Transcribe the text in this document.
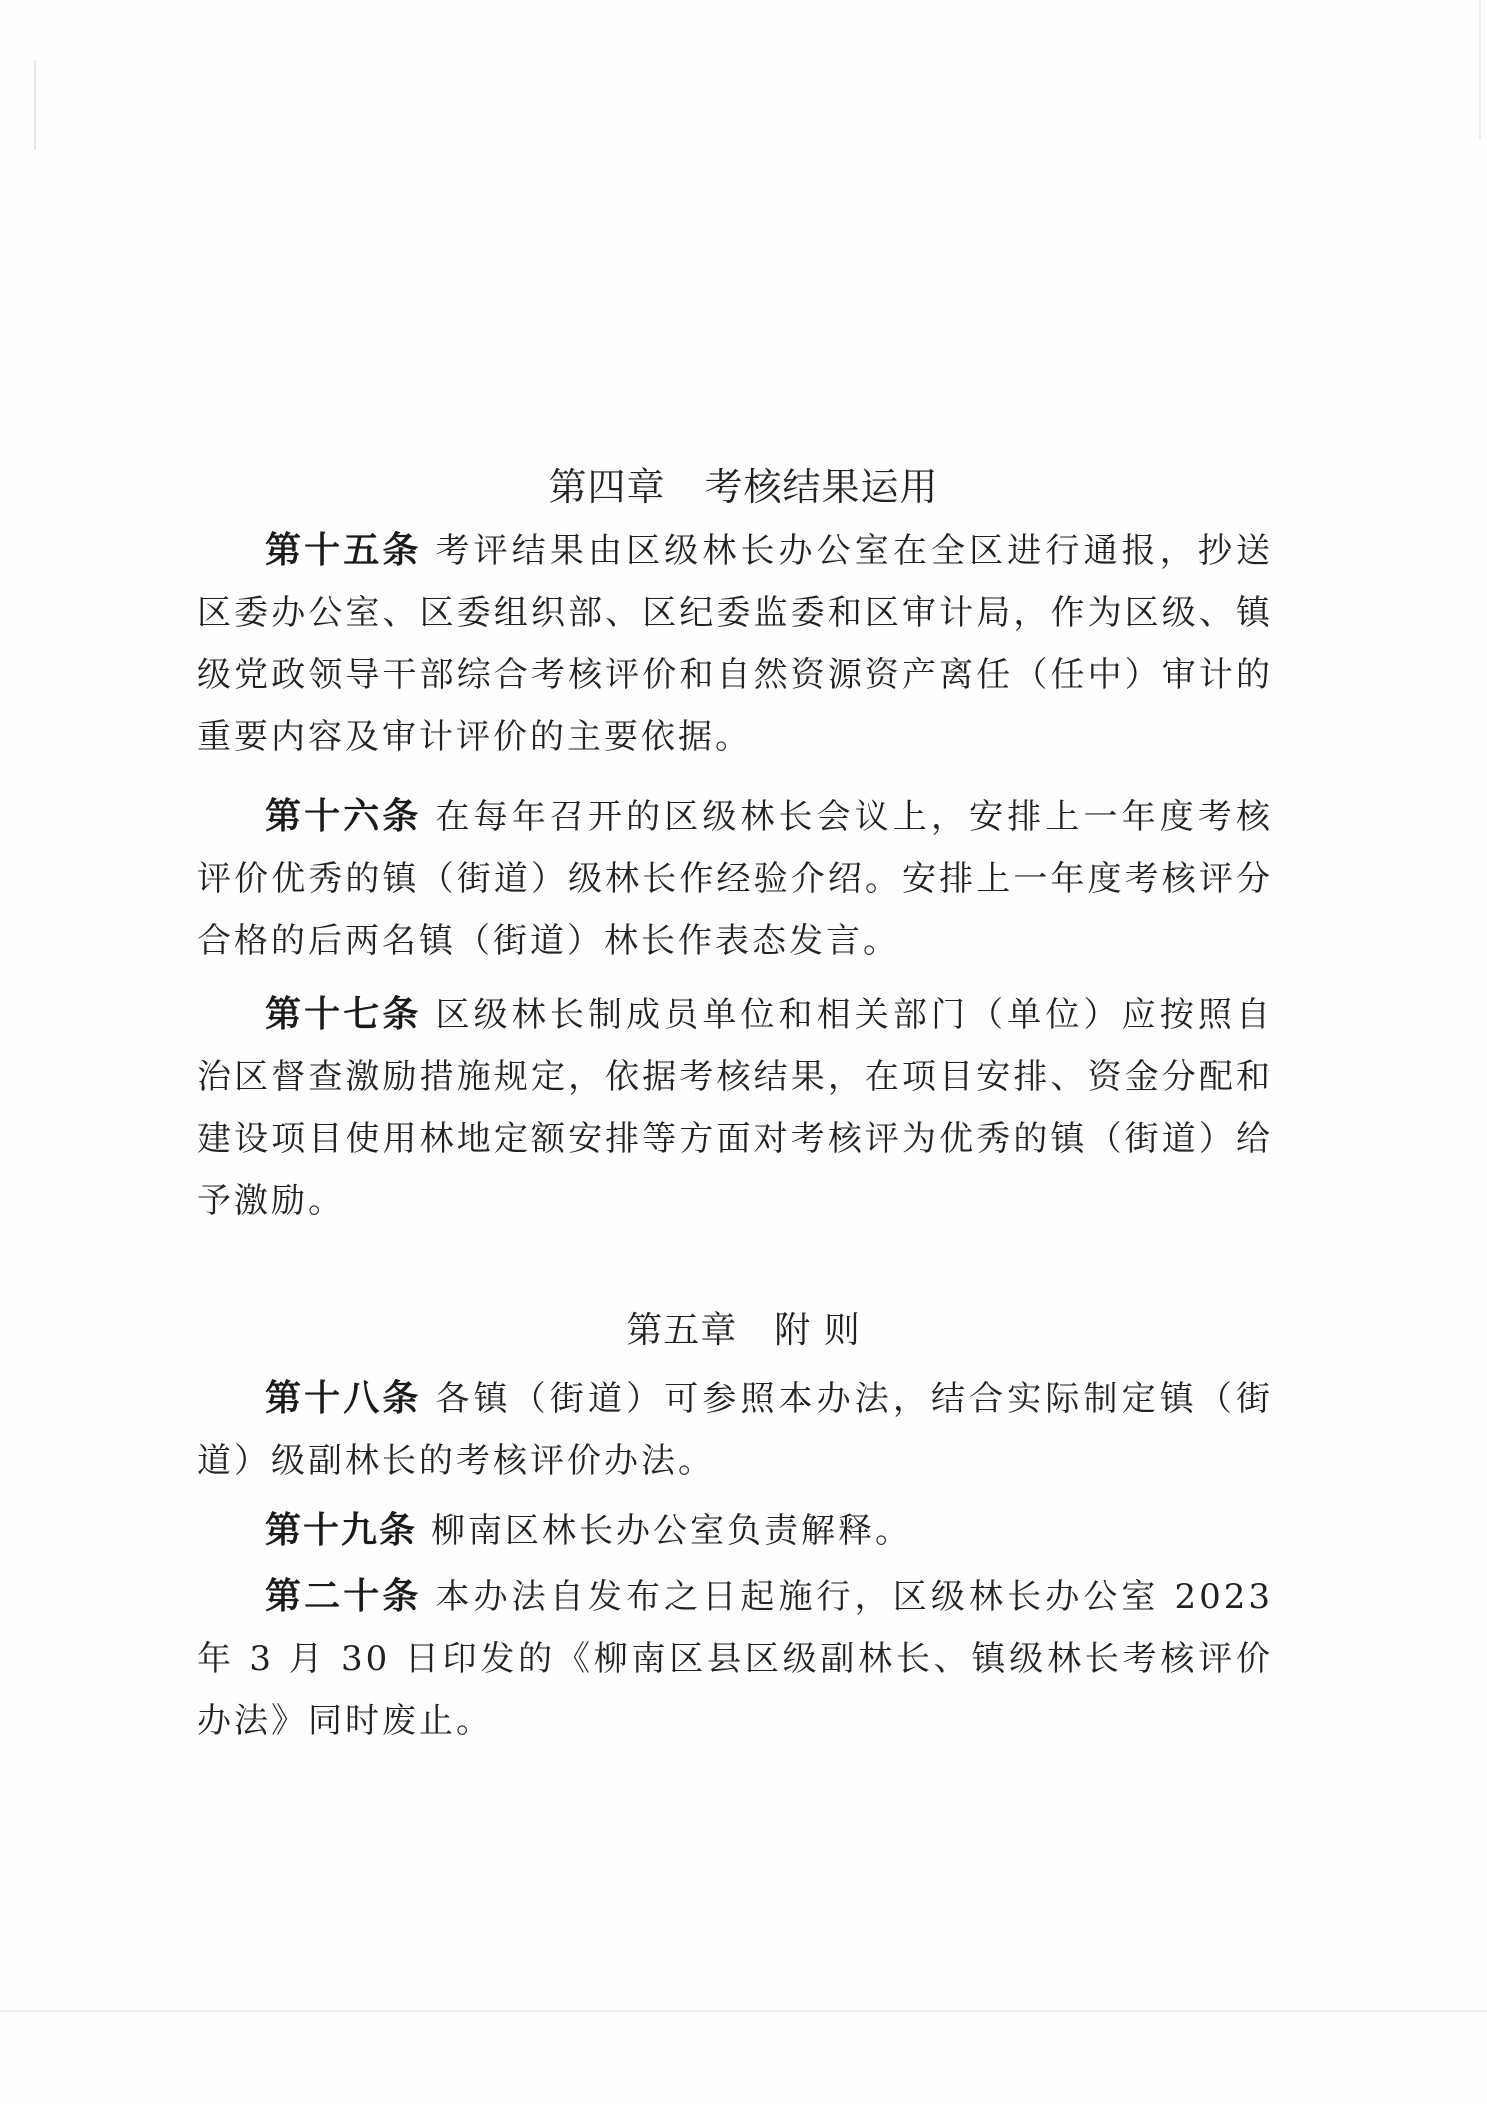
第四章　考核结果运用

第十五条 考评结果由区级林长办公室在全区进行通报，抄送区委办公室、区委组织部、区纪委监委和区审计局，作为区级、镇级党政领导干部综合考核评价和自然资源资产离任（任中）审计的重要内容及审计评价的主要依据。

第十六条 在每年召开的区级林长会议上，安排上一年度考核评价优秀的镇（街道）级林长作经验介绍。安排上一年度考核评分合格的后两名镇（街道）林长作表态发言。

第十七条 区级林长制成员单位和相关部门（单位）应按照自治区督查激励措施规定，依据考核结果，在项目安排、资金分配和建设项目使用林地定额安排等方面对考核评为优秀的镇（街道）给予激励。

第五章　附 则

第十八条 各镇（街道）可参照本办法，结合实际制定镇（街道）级副林长的考核评价办法。

第十九条 柳南区林长办公室负责解释。

第二十条 本办法自发布之日起施行，区级林长办公室 2023 年 3 月 30 日印发的《柳南区县区级副林长、镇级林长考核评价办法》同时废止。
